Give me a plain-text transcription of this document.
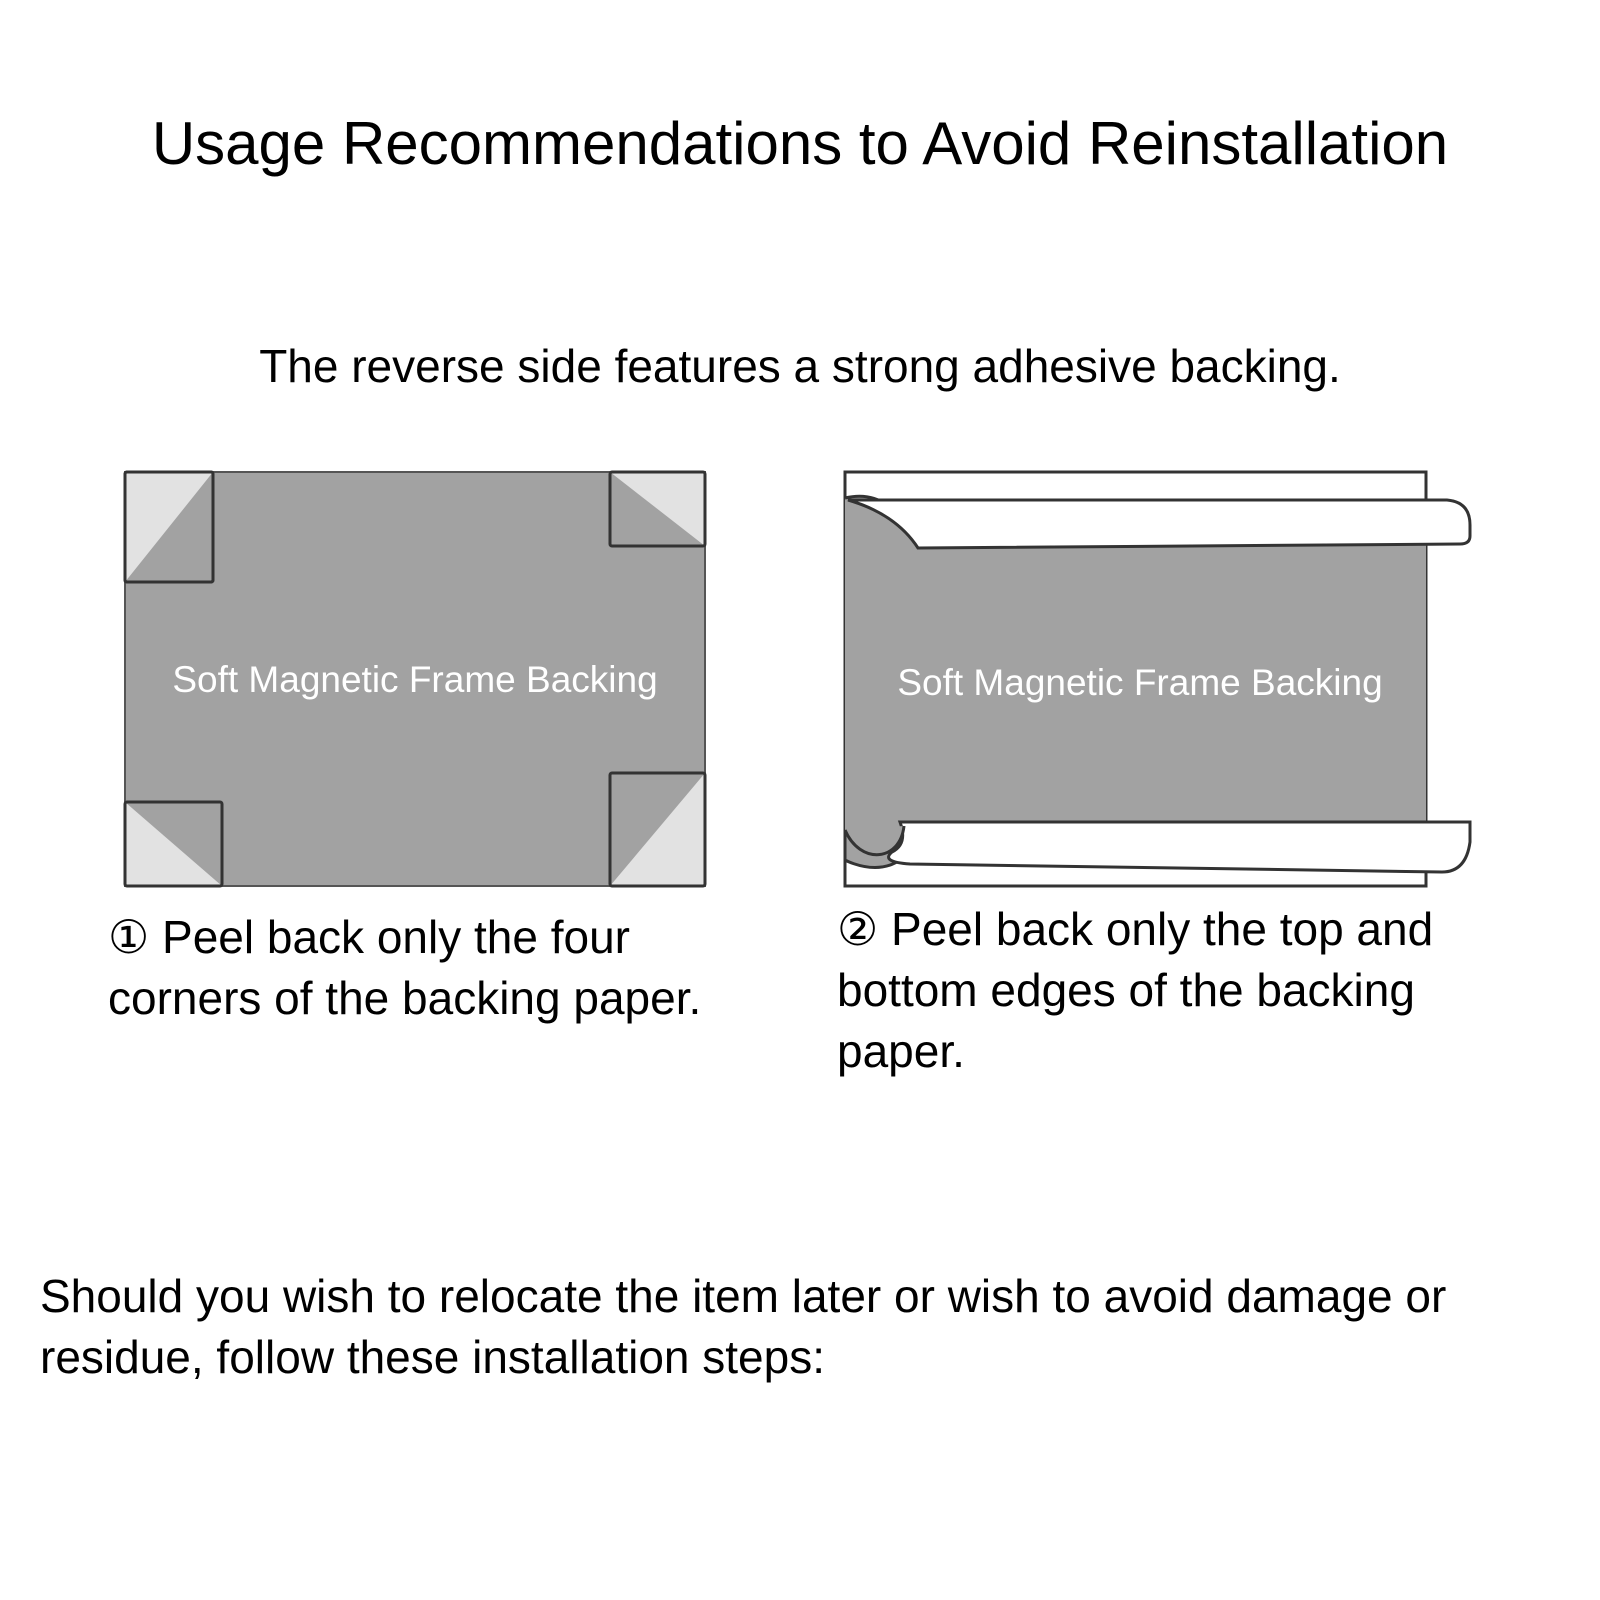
Usage Recommendations to Avoid Reinstallation
The reverse side features a strong adhesive backing.
Soft Magnetic Frame Backing	Soft Magnetic Frame Backing
① Peel back only the four
corners of the backing paper.
② Peel back only the top and
bottom edges of the backing
paper.
Should you wish to relocate the item later or wish to avoid damage or
residue, follow these installation steps:
